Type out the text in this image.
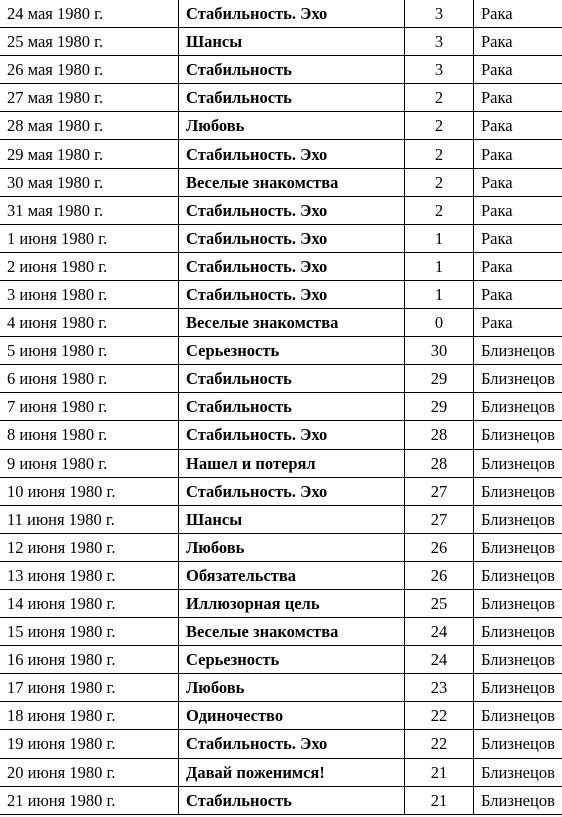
24 мая 1980 г.	Стабильность. Эхо	3	Рака
25 мая 1980 г.	Шансы	3	Рака
26 мая 1980 г.	Стабильность	3	Рака
27 мая 1980 г.	Стабильность	2	Рака
28 мая 1980 г.	Любовь	2	Рака
29 мая 1980 г.	Стабильность. Эхо	2	Рака
30 мая 1980 г.	Веселые знакомства	2	Рака
31 мая 1980 г.	Стабильность. Эхо	2	Рака
1 июня 1980 г.	Стабильность. Эхо	1	Рака
2 июня 1980 г.	Стабильность. Эхо	1	Рака
3 июня 1980 г.	Стабильность. Эхо	1	Рака
4 июня 1980 г.	Веселые знакомства	0	Рака
5 июня 1980 г.	Серьезность	30	Близнецов
6 июня 1980 г.	Стабильность	29	Близнецов
7 июня 1980 г.	Стабильность	29	Близнецов
8 июня 1980 г.	Стабильность. Эхо	28	Близнецов
9 июня 1980 г.	Нашел и потерял	28	Близнецов
10 июня 1980 г.	Стабильность. Эхо	27	Близнецов
11 июня 1980 г.	Шансы	27	Близнецов
12 июня 1980 г.	Любовь	26	Близнецов
13 июня 1980 г.	Обязательства	26	Близнецов
14 июня 1980 г.	Иллюзорная цель	25	Близнецов
15 июня 1980 г.	Веселые знакомства	24	Близнецов
16 июня 1980 г.	Серьезность	24	Близнецов
17 июня 1980 г.	Любовь	23	Близнецов
18 июня 1980 г.	Одиночество	22	Близнецов
19 июня 1980 г.	Стабильность. Эхо	22	Близнецов
20 июня 1980 г.	Давай поженимся!	21	Близнецов
21 июня 1980 г.	Стабильность	21	Близнецов
